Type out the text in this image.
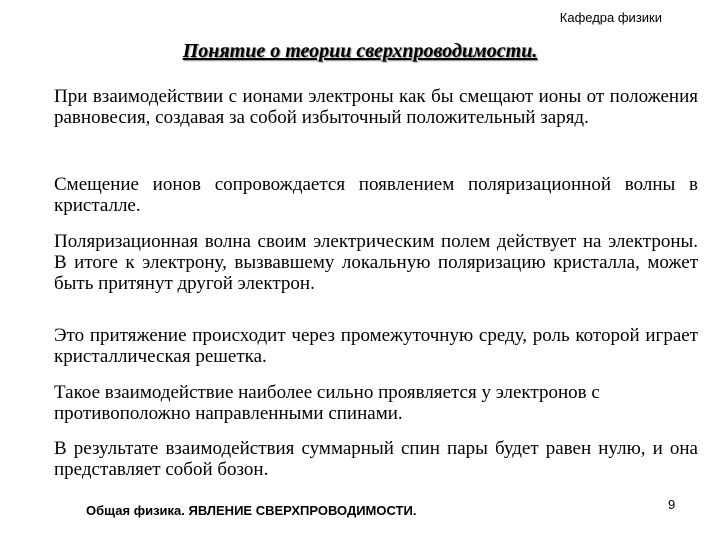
Кафедра физики
Понятие о теории сверхпроводимости.
При взаимодействии с ионами электроны как бы смещают ионы от положения равновесия, создавая за собой избыточный положительный заряд.
Смещение ионов сопровождается появлением поляризационной волны в кристалле.
Поляризационная волна своим электрическим полем действует на электроны. В итоге к электрону, вызвавшему локальную поляризацию кристалла, может быть притянут другой электрон.
Это притяжение происходит через промежуточную среду, роль которой играет кристаллическая решетка.
Такое взаимодействие наиболее сильно проявляется у электронов с противоположно направленными спинами.
В результате взаимодействия суммарный спин пары будет равен нулю, и она представляет собой бозон.
Общая физика. ЯВЛЕНИЕ СВЕРХПРОВОДИМОСТИ.	9
